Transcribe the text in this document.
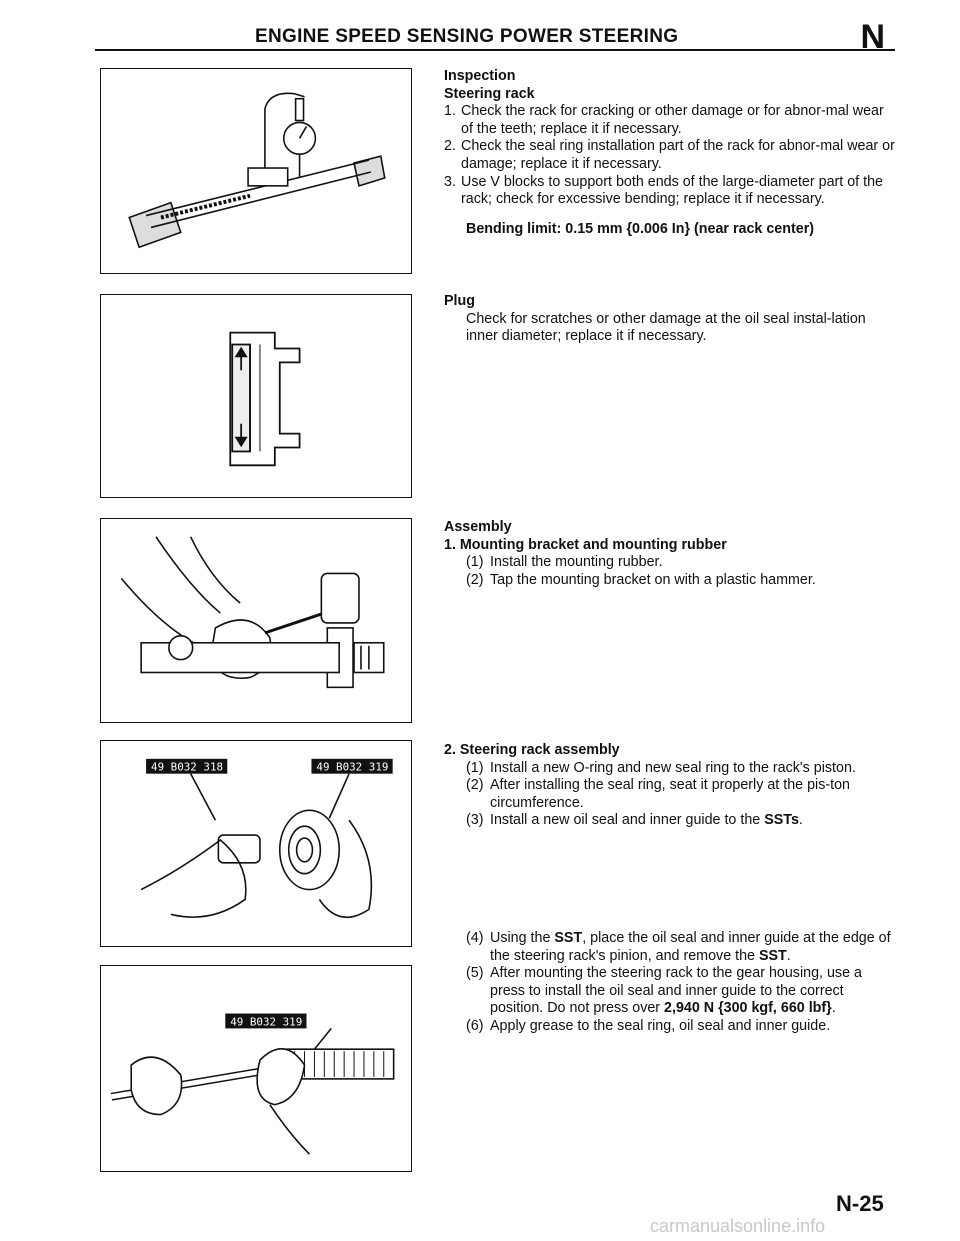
ENGINE SPEED SENSING POWER STEERING	N
49 B032 318	49 B032 319
49 B032 319

Inspection

Steering rack

1. Check the rack for cracking or other damage or for abnor-mal wear of the teeth; replace it if necessary.
2. Check the seal ring installation part of the rack for abnor-mal wear or damage; replace it if necessary.
3. Use V blocks to support both ends of the large-diameter part of the rack; check for excessive bending; replace it if necessary.

Bending limit: 0.15 mm {0.006 In} (near rack center)

Plug

Check for scratches or other damage at the oil seal instal-lation inner diameter; replace it if necessary.

Assembly

1. Mounting bracket and mounting rubber

(1) Install the mounting rubber.
(2) Tap the mounting bracket on with a plastic hammer.

2. Steering rack assembly

(1) Install a new O-ring and new seal ring to the rack's piston.
(2) After installing the seal ring, seat it properly at the pis-ton circumference.
(3) Install a new oil seal and inner guide to the SSTs.
(4) Using the SST, place the oil seal and inner guide at the edge of the steering rack's pinion, and remove the SST.
(5) After mounting the steering rack to the gear housing, use a press to install the oil seal and inner guide to the correct position. Do not press over 2,940 N {300 kgf, 660 lbf}.
(6) Apply grease to the seal ring, oil seal and inner guide.
N-25
carmanualsonline.info
